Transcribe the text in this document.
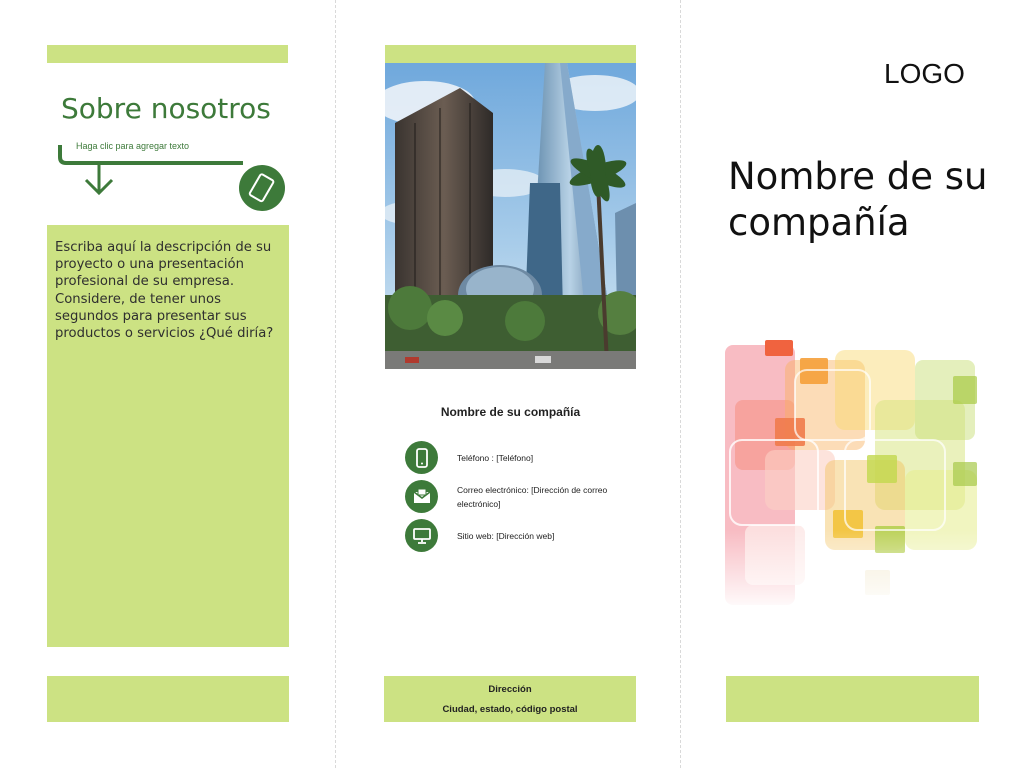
Sobre nosotros
Haga clic para agregar texto
Escriba aquí la descripción de su proyecto o una presentación profesional de su empresa. Considere, de tener unos segundos para presentar sus productos o servicios ¿Qué diría?
Nombre de su compañía
Teléfono : [Teléfono]
Correo electrónico: [Dirección de correo electrónico]
Sitio web: [Dirección web]
Dirección
Ciudad, estado, código postal
LOGO
Nombre de su compañía
